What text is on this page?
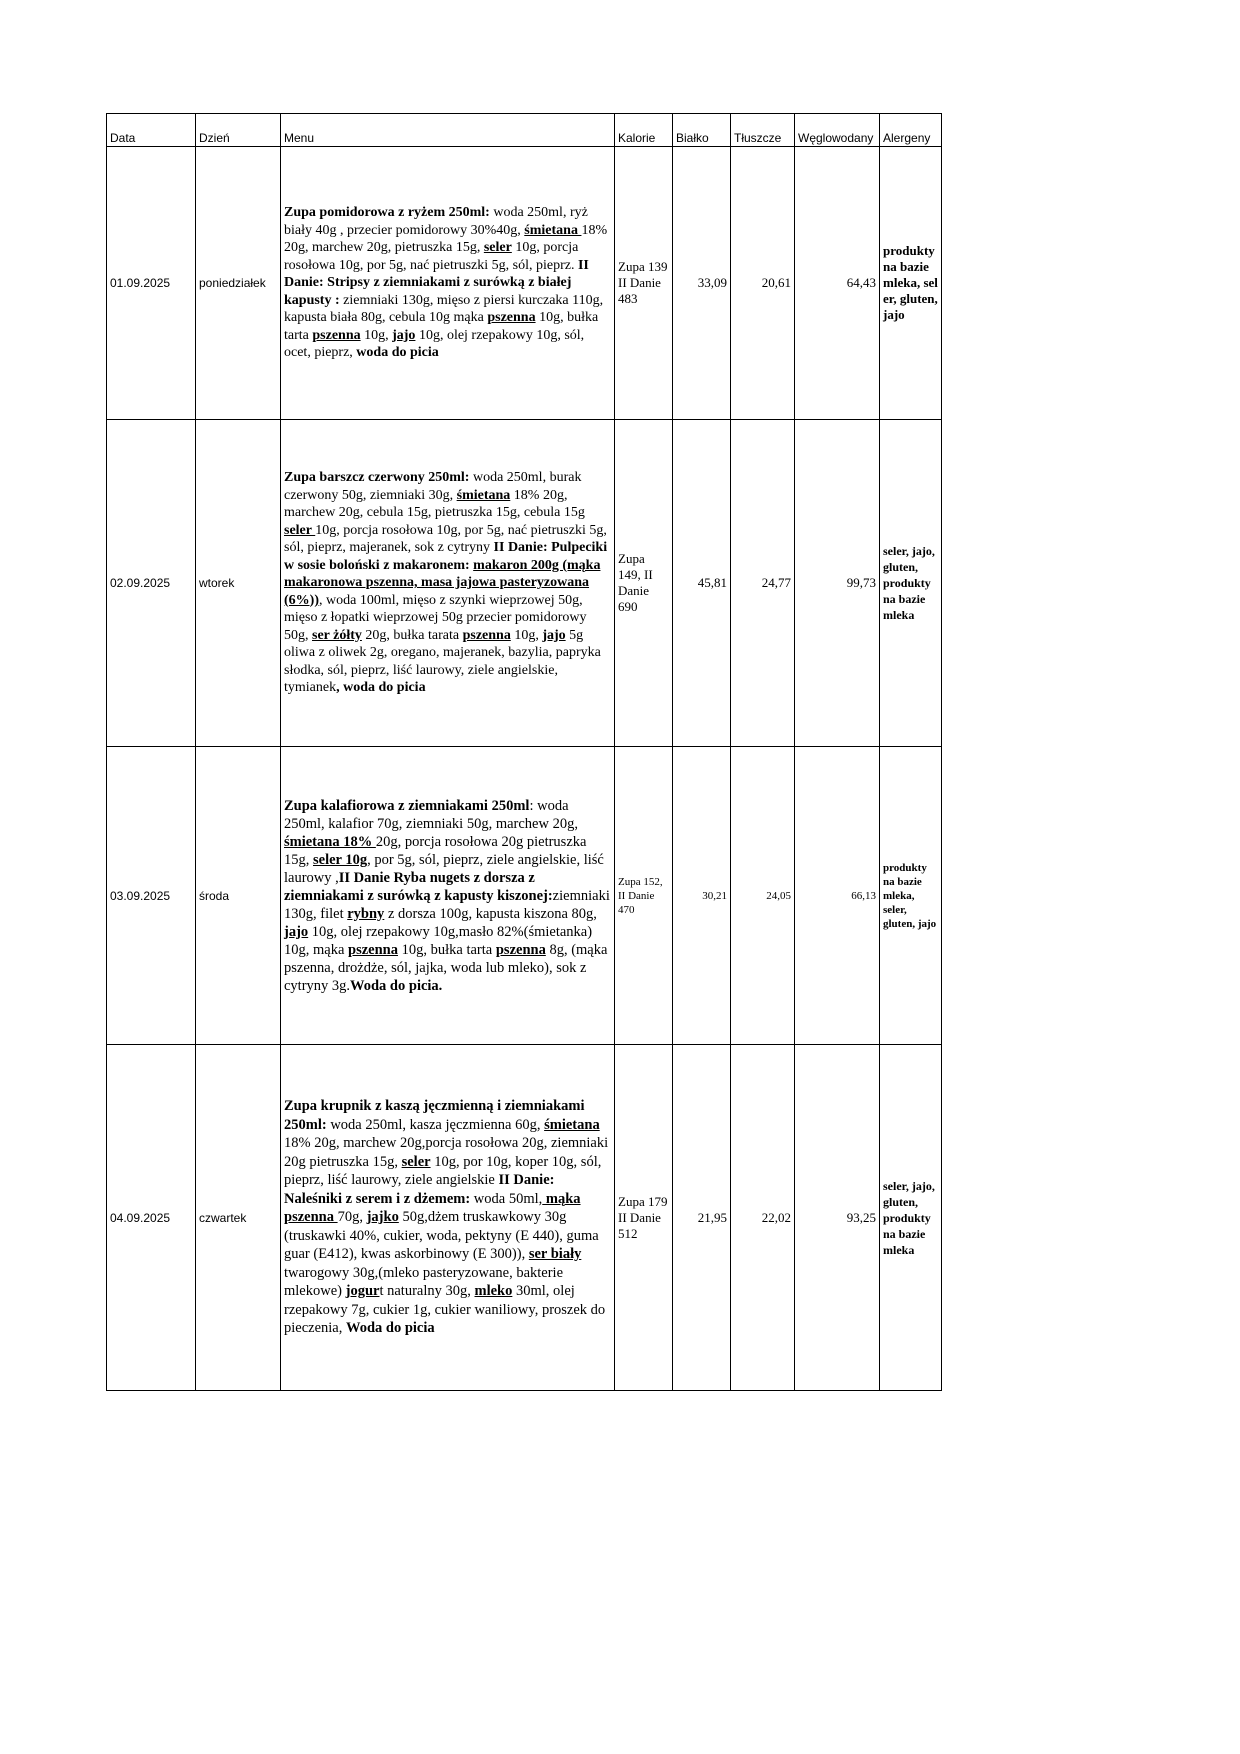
Data	Dzień	Menu	Kalorie	Białko	Tłuszcze	Węglowodany	Alergeny
01.09.2025	poniedziałek	Zupa pomidorowa z ryżem 250ml: woda 250ml, ryż biały 40g , przecier pomidorowy 30%40g, śmietana 18% 20g, marchew 20g, pietruszka 15g, seler 10g, porcja rosołowa 10g, por 5g, nać pietruszki 5g, sól, pieprz. II Danie: Stripsy z ziemniakami z surówką z białej kapusty : ziemniaki 130g, mięso z piersi kurczaka 110g, kapusta biała 80g, cebula 10g mąka pszenna 10g, bułka tarta pszenna 10g, jajo 10g, olej rzepakowy 10g, sól, ocet, pieprz, woda do picia	Zupa 139 II Danie 483	33,09	20,61	64,43	produkty na bazie mleka, seler, gluten,jajo
02.09.2025	wtorek	Zupa barszcz czerwony 250ml: woda 250ml, burak czerwony 50g, ziemniaki 30g, śmietana 18% 20g, marchew 20g, cebula 15g, pietruszka 15g, cebula 15g seler 10g, porcja rosołowa 10g, por 5g, nać pietruszki 5g, sól, pieprz, majeranek, sok z cytryny II Danie: Pulpeciki w sosie boloński z makaronem: makaron 200g (mąka makaronowa pszenna, masa jajowa pasteryzowana (6%)), woda 100ml, mięso z szynki wieprzowej 50g, mięso z łopatki wieprzowej 50g przecier pomidorowy 50g, ser żółty 20g, bułka tarata pszenna 10g, jajo 5g oliwa z oliwek 2g, oregano, majeranek, bazylia, papryka słodka, sól, pieprz, liść laurowy, ziele angielskie, tymianek, woda do picia	Zupa 149, II Danie 690	45,81	24,77	99,73	seler, jajo, gluten, produkty na bazie mleka
03.09.2025	środa	Zupa kalafiorowa z ziemniakami 250ml: woda 250ml, kalafior 70g, ziemniaki 50g, marchew 20g, śmietana 18% 20g, porcja rosołowa 20g pietruszka 15g, seler 10g, por 5g, sól, pieprz, ziele angielskie, liść laurowy ,II Danie Ryba nugets z dorsza z ziemniakami z surówką z kapusty kiszonej:ziemniaki 130g, filet rybny z dorsza 100g, kapusta kiszona 80g, jajo 10g, olej rzepakowy 10g,masło 82%(śmietanka) 10g, mąka pszenna 10g, bułka tarta pszenna 8g, (mąka pszenna, drożdże, sól, jajka, woda lub mleko), sok z cytryny 3g.Woda do picia.	Zupa 152, II Danie 470	30,21	24,05	66,13	produkty na bazie mleka, seler, gluten, jajo
04.09.2025	czwartek	Zupa krupnik z kaszą jęczmienną i ziemniakami 250ml: woda 250ml, kasza jęczmienna 60g, śmietana 18% 20g, marchew 20g,porcja rosołowa 20g, ziemniaki 20g pietruszka 15g, seler 10g, por 10g, koper 10g, sól, pieprz, liść laurowy, ziele angielskie II Danie: Naleśniki z serem i z dżemem: woda 50ml, mąka pszenna 70g, jajko 50g,dżem truskawkowy 30g (truskawki 40%, cukier, woda, pektyny (E 440), guma guar (E412), kwas askorbinowy (E 300)), ser biały twarogowy 30g,(mleko pasteryzowane, bakterie mlekowe) jogurt naturalny 30g, mleko 30ml, olej rzepakowy 7g, cukier 1g, cukier waniliowy, proszek do pieczenia, Woda do picia	Zupa 179 II Danie 512	21,95	22,02	93,25	seler, jajo, gluten, produkty na bazie mleka
